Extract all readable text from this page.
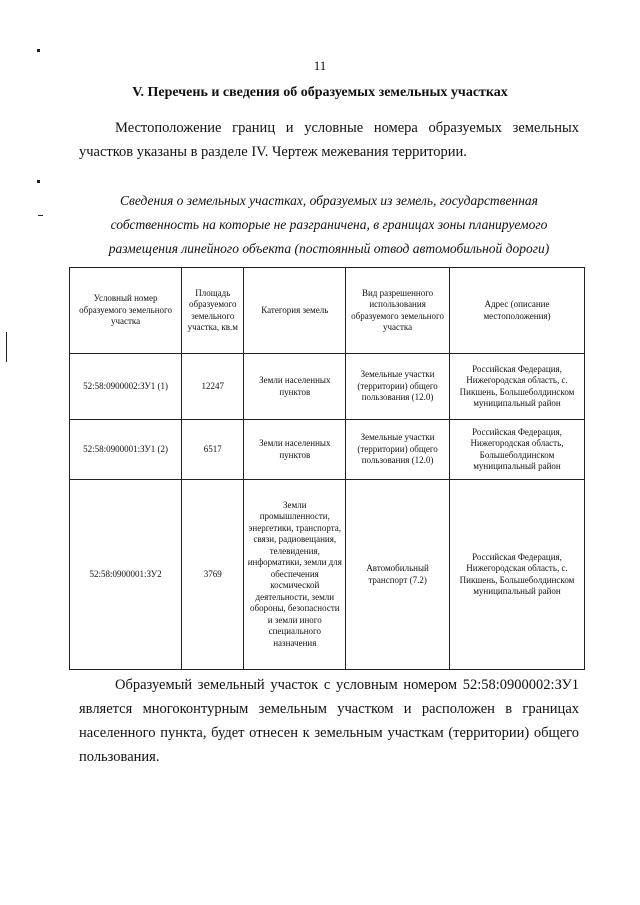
11
V. Перечень и сведения об образуемых земельных участках
Местоположение границ и условные номера образуемых земельных участков указаны в разделе IV. Чертеж межевания территории.
Сведения о земельных участках, образуемых из земель, государственная собственность на которые не разграничена, в границах зоны планируемого размещения линейного объекта (постоянный отвод автомобильной дороги)
Условный номер образуемого земельного участка	Площадь образуемого земельного участка, кв.м	Категория земель	Вид разрешенного использования образуемого земельного участка	Адрес (описание местоположения)
52:58:0900002:ЗУ1 (1)	12247	Земли населенных пунктов	Земельные участки (территории) общего пользования (12.0)	Российская Федерация, Нижегородская область, с. Пикшень, Большеболдинском муниципальный район
52:58:0900001:ЗУ1 (2)	6517	Земли населенных пунктов	Земельные участки (территории) общего пользования (12.0)	Российская Федерация, Нижегородская область, Большеболдинском муниципальный район
52:58:0900001:ЗУ2	3769	Земли промышленности, энергетики, транспорта, связи, радиовещания, телевидения, информатики, земли для обеспечения космической деятельности, земли обороны, безопасности и земли иного специального назначения	Автомобильный транспорт (7.2)	Российская Федерация, Нижегородская область, с. Пикшень, Большеболдинском муниципальный район
Образуемый земельный участок с условным номером 52:58:0900002:ЗУ1 является многоконтурным земельным участком и расположен в границах населенного пункта, будет отнесен к земельным участкам (территории) общего пользования.
